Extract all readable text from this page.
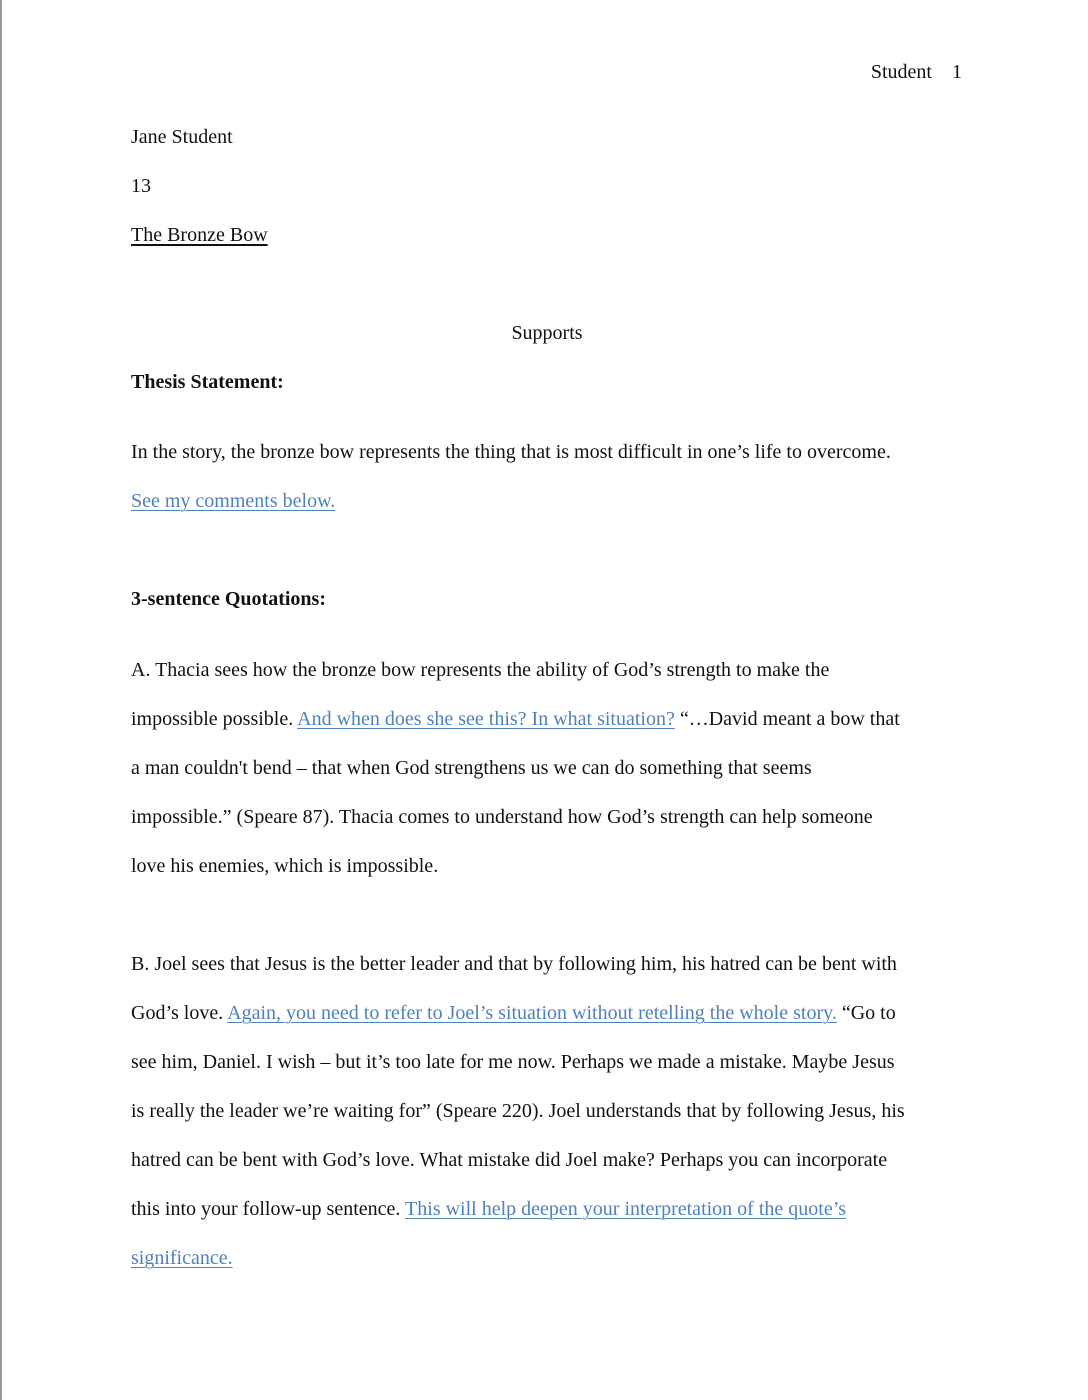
Student 1
Jane Student
13
The Bronze Bow
Supports
Thesis Statement:
In the story, the bronze bow represents the thing that is most difficult in one’s life to overcome.
See my comments below.
3-sentence Quotations:
A. Thacia sees how the bronze bow represents the ability of God’s strength to make the
impossible possible. And when does she see this? In what situation? “…David meant a bow that
a man couldn't bend – that when God strengthens us we can do something that seems
impossible.” (Speare 87). Thacia comes to understand how God’s strength can help someone
love his enemies, which is impossible.
B. Joel sees that Jesus is the better leader and that by following him, his hatred can be bent with
God’s love. Again, you need to refer to Joel’s situation without retelling the whole story. “Go to
see him, Daniel. I wish – but it’s too late for me now. Perhaps we made a mistake. Maybe Jesus
is really the leader we’re waiting for” (Speare 220). Joel understands that by following Jesus, his
hatred can be bent with God’s love. What mistake did Joel make? Perhaps you can incorporate
this into your follow-up sentence. This will help deepen your interpretation of the quote’s
significance.
